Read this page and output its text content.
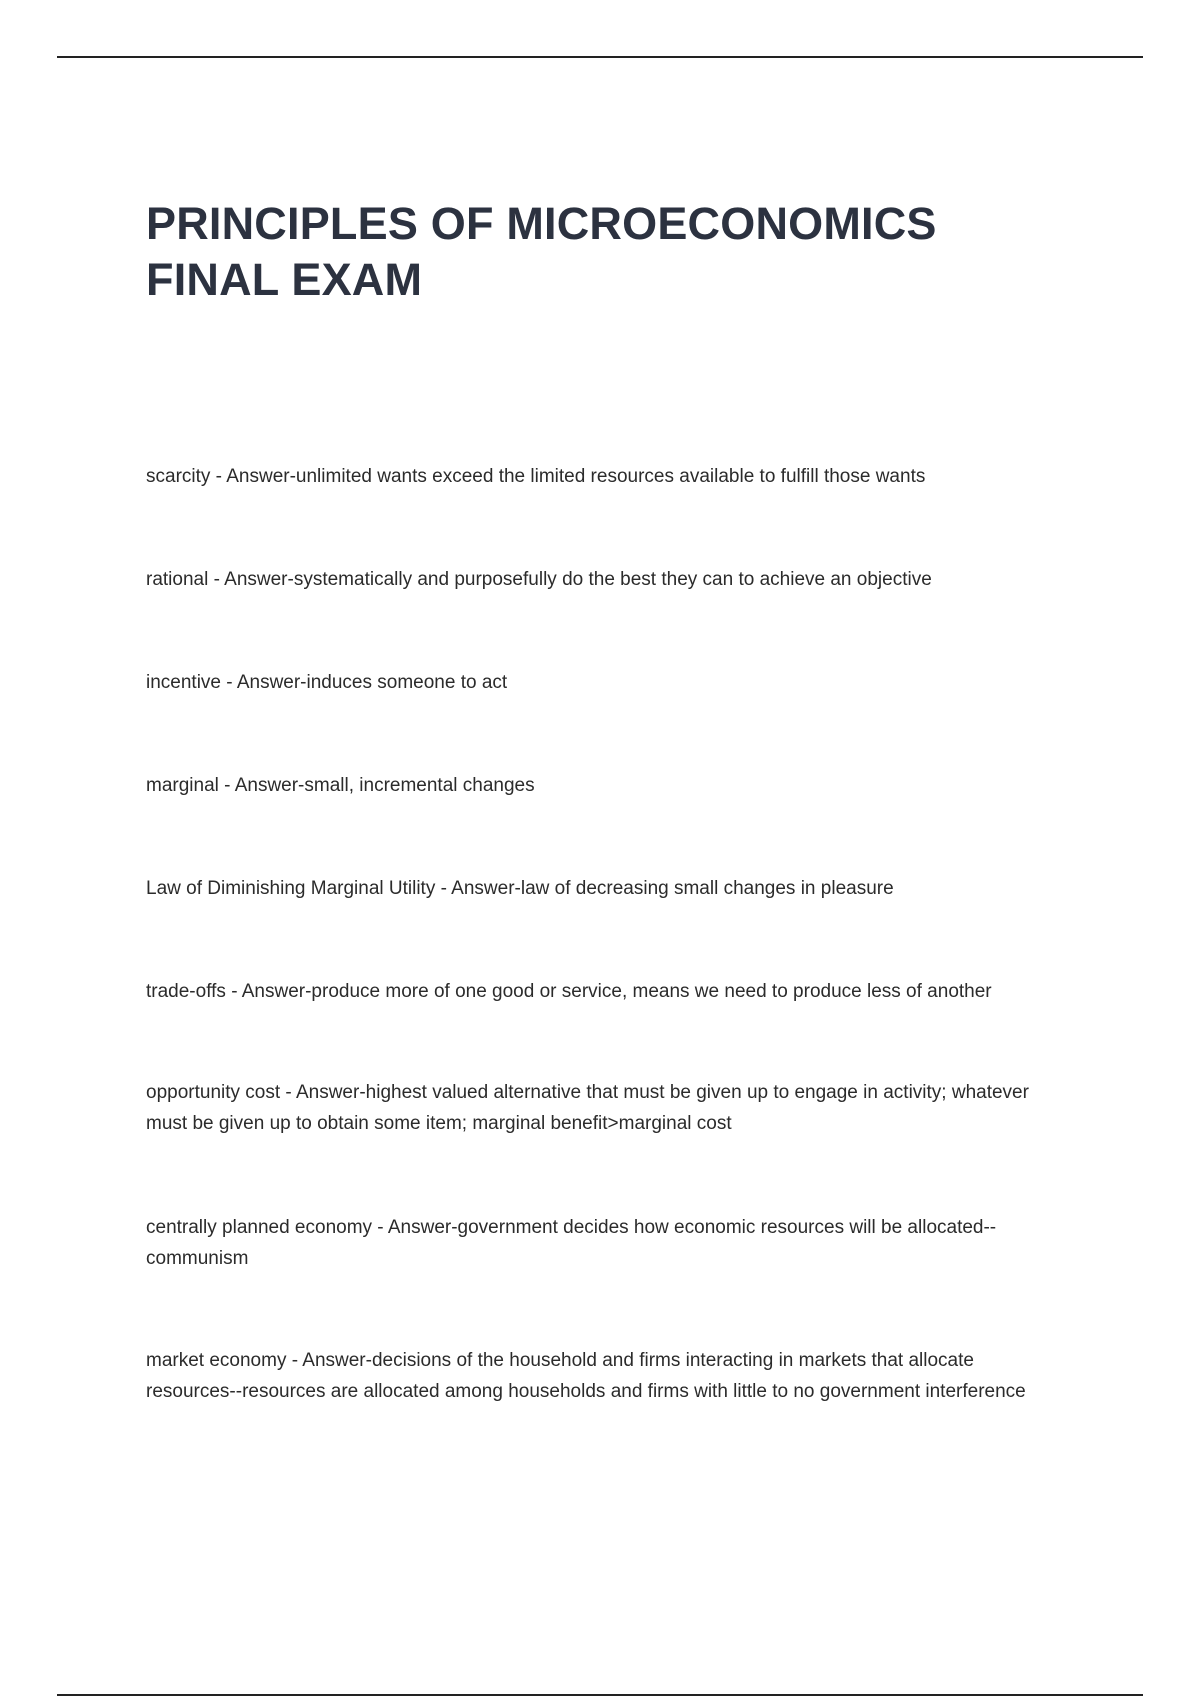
PRINCIPLES OF MICROECONOMICS
FINAL EXAM
scarcity - Answer-unlimited wants exceed the limited resources available to fulfill those wants
rational - Answer-systematically and purposefully do the best they can to achieve an objective
incentive - Answer-induces someone to act
marginal - Answer-small, incremental changes
Law of Diminishing Marginal Utility - Answer-law of decreasing small changes in pleasure
trade-offs - Answer-produce more of one good or service, means we need to produce less of another
opportunity cost - Answer-highest valued alternative that must be given up to engage in activity; whatever must be given up to obtain some item; marginal benefit>marginal cost
centrally planned economy - Answer-government decides how economic resources will be allocated--communism
market economy - Answer-decisions of the household and firms interacting in markets that allocate resources--resources are allocated among households and firms with little to no government interference
